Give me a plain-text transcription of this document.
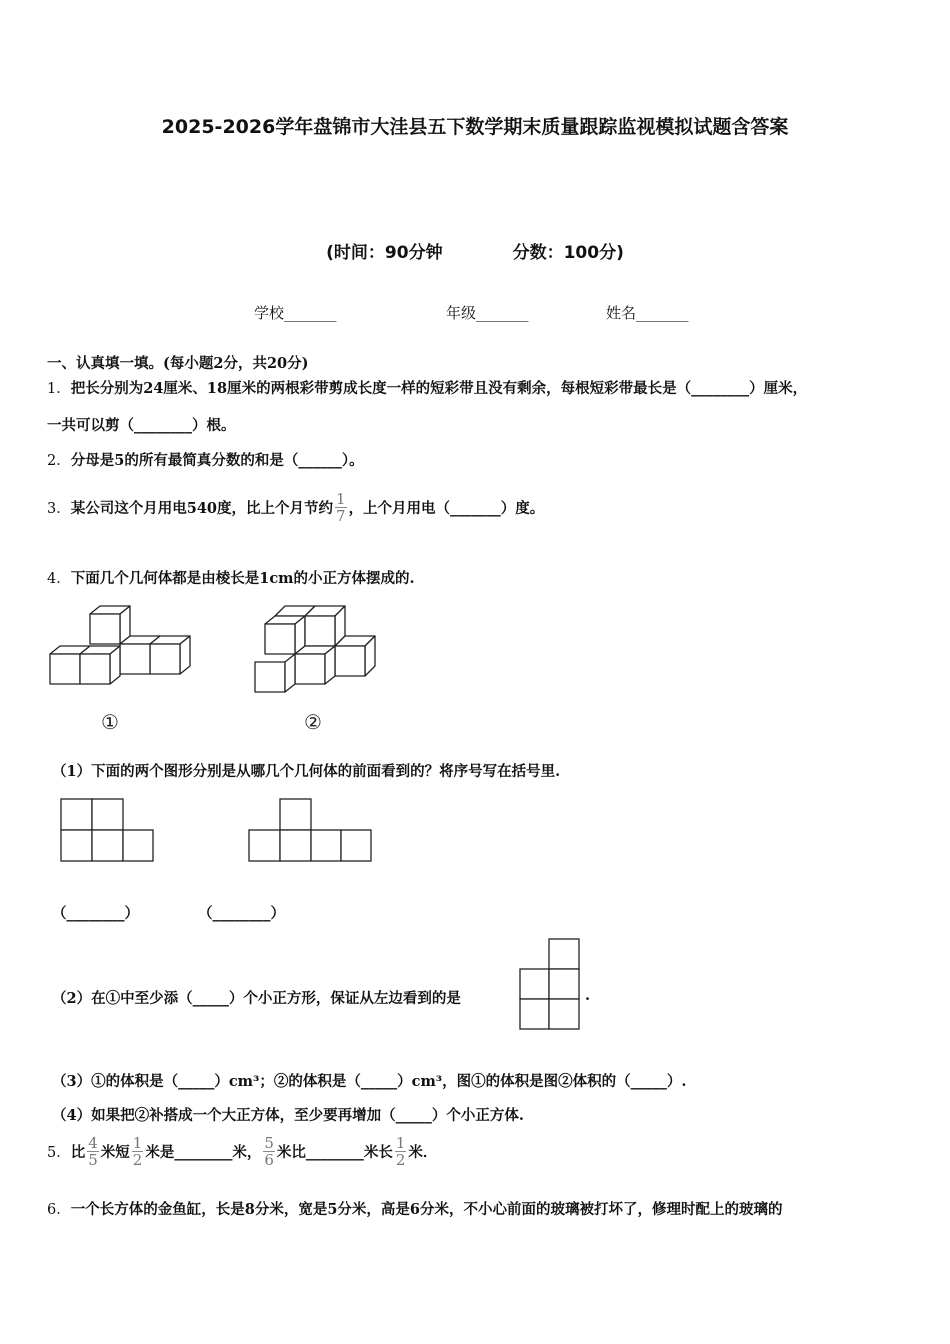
2025-2026学年盘锦市大洼县五下数学期末质量跟踪监视模拟试题含答案
(时间：90分钟	分数：100分)
学校_______	年级_______	姓名_______
一、认真填一填。(每小题2分，共20分)
1．把长分别为24厘米、18厘米的两根彩带剪成长度一样的短彩带且没有剩余，每根短彩带最长是（________）厘米，
一共可以剪（________）根。
2．分母是5的所有最简真分数的和是（______）。
3． 某公司这个月用电540度，比上个月节约 $\frac{1}{7}$ ，上个月用电（_______）度。
4．下面几个几何体都是由棱长是1cm的小正方体摆成的.
①	②
（1）下面的两个图形分别是从哪几个几何体的前面看到的？将序号写在括号里.
（________）	（________）
（2）在①中至少添（_____）个小正方形，保证从左边看到的是	.
（3）①的体积是（_____）cm³；②的体积是（_____）cm³，图①的体积是图②体积的（_____）.
（4）如果把②补搭成一个大正方体，至少要再增加（_____）个小正方体.
5． 比 $\frac{4}{5}$ 米短 $\frac{1}{2}$ 米是________米， $\frac{5}{6}$ 米比________米长 $\frac{1}{2}$ 米．
6．一个长方体的金鱼缸，长是8分米，宽是5分米，高是6分米，不小心前面的玻璃被打坏了，修理时配上的玻璃的
